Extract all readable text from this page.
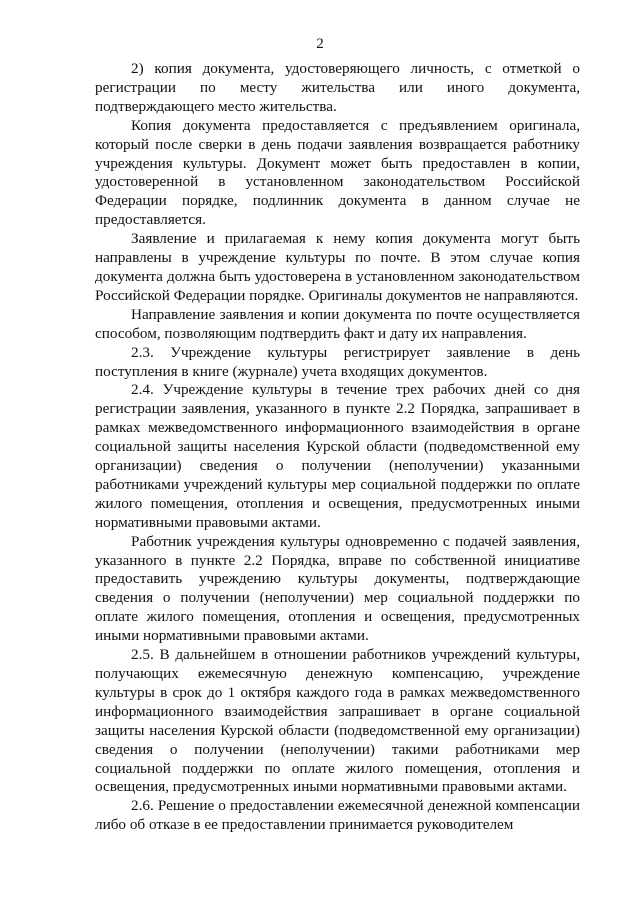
2

2) копия документа, удостоверяющего личность, с отметкой о регистрации по месту жительства или иного документа, подтверждающего место жительства.

Копия документа предоставляется с предъявлением оригинала, который после сверки в день подачи заявления возвращается работнику учреждения культуры. Документ может быть предоставлен в копии, удостоверенной в установленном законодательством Российской Федерации порядке, подлинник документа в данном случае не предоставляется.

Заявление и прилагаемая к нему копия документа могут быть направлены в учреждение культуры по почте. В этом случае копия документа должна быть удостоверена в установленном законодательством Российской Федерации порядке. Оригиналы документов не направляются.

Направление заявления и копии документа по почте осуществляется способом, позволяющим подтвердить факт и дату их направления.

2.3. Учреждение культуры регистрирует заявление в день поступления в книге (журнале) учета входящих документов.

2.4. Учреждение культуры в течение трех рабочих дней со дня регистрации заявления, указанного в пункте 2.2 Порядка, запрашивает в рамках межведомственного информационного взаимодействия в органе социальной защиты населения Курской области (подведомственной ему организации) сведения о получении (неполучении) указанными работниками учреждений культуры мер социальной поддержки по оплате жилого помещения, отопления и освещения, предусмотренных иными нормативными правовыми актами.

Работник учреждения культуры одновременно с подачей заявления, указанного в пункте 2.2 Порядка, вправе по собственной инициативе предоставить учреждению культуры документы, подтверждающие сведения о получении (неполучении) мер социальной поддержки по оплате жилого помещения, отопления и освещения, предусмотренных иными нормативными правовыми актами.

2.5. В дальнейшем в отношении работников учреждений культуры, получающих ежемесячную денежную компенсацию, учреждение культуры в срок до 1 октября каждого года в рамках межведомственного информационного взаимодействия запрашивает в органе социальной защиты населения Курской области (подведомственной ему организации) сведения о получении (неполучении) такими работниками мер социальной поддержки по оплате жилого помещения, отопления и освещения, предусмотренных иными нормативными правовыми актами.

2.6. Решение о предоставлении ежемесячной денежной компенсации либо об отказе в ее предоставлении принимается руководителем
